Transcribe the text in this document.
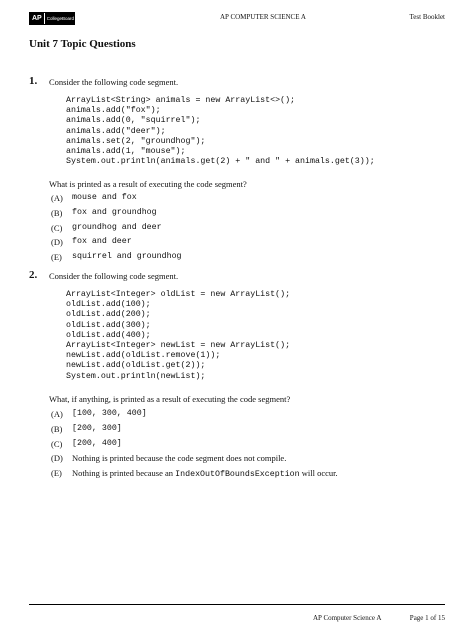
AP	CollegeBoard	AP COMPUTER SCIENCE A	Test Booklet
Unit 7 Topic Questions
1. Consider the following code segment.
ArrayList<String> animals = new ArrayList<>();
animals.add("fox");
animals.add(0, "squirrel");
animals.add("deer");
animals.set(2, "groundhog");
animals.add(1, "mouse");
System.out.println(animals.get(2) + " and " + animals.get(3));
What is printed as a result of executing the code segment?
(A) mouse and fox
(B) fox and groundhog
(C) groundhog and deer
(D) fox and deer
(E) squirrel and groundhog
2. Consider the following code segment.
ArrayList<Integer> oldList = new ArrayList();
oldList.add(100);
oldList.add(200);
oldList.add(300);
oldList.add(400);
ArrayList<Integer> newList = new ArrayList();
newList.add(oldList.remove(1));
newList.add(oldList.get(2));
System.out.println(newList);
What, if anything, is printed as a result of executing the code segment?
(A) [100, 300, 400]
(B) [200, 300]
(C) [200, 400]
(D) Nothing is printed because the code segment does not compile.
(E) Nothing is printed because an IndexOutOfBoundsException will occur.
AP Computer Science A	Page 1 of 15
